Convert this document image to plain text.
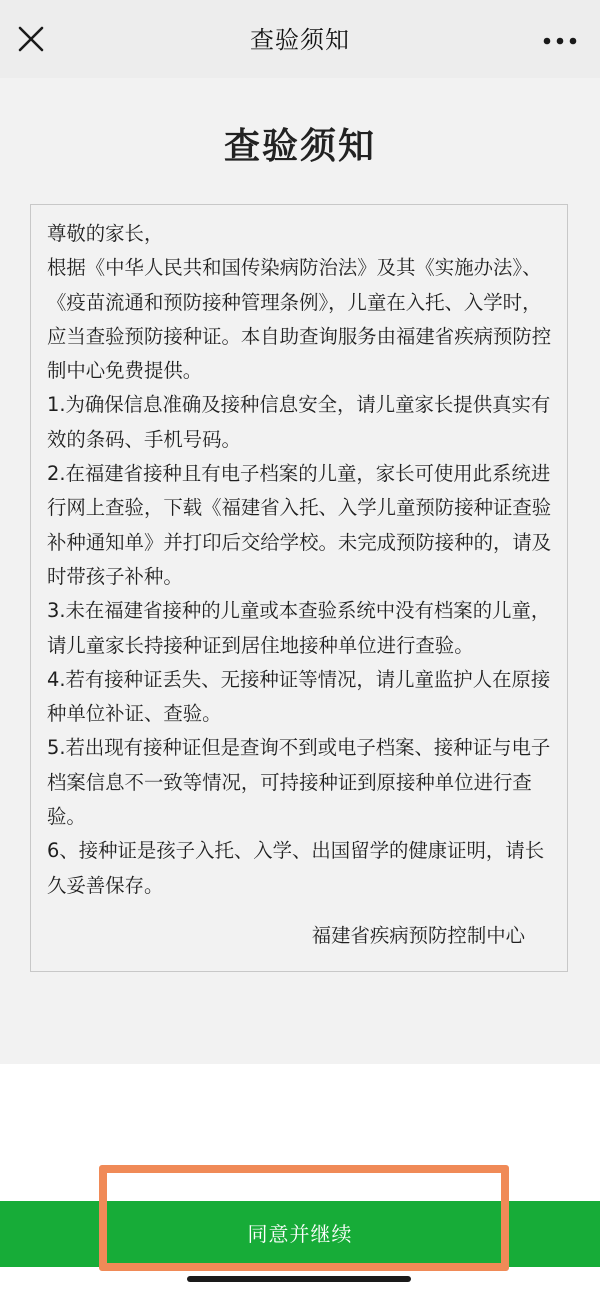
查验须知
查验须知

尊敬的家长，

根据《中华人民共和国传染病防治法》及其《实施办法》、《疫苗流通和预防接种管理条例》，儿童在入托、入学时，应当查验预防接种证。本自助查询服务由福建省疾病预防控制中心免费提供。

1.为确保信息准确及接种信息安全，请儿童家长提供真实有效的条码、手机号码。

2.在福建省接种且有电子档案的儿童，家长可使用此系统进行网上查验，下载《福建省入托、入学儿童预防接种证查验补种通知单》并打印后交给学校。未完成预防接种的，请及时带孩子补种。

3.未在福建省接种的儿童或本查验系统中没有档案的儿童，请儿童家长持接种证到居住地接种单位进行查验。

4.若有接种证丢失、无接种证等情况，请儿童监护人在原接种单位补证、查验。

5.若出现有接种证但是查询不到或电子档案、接种证与电子档案信息不一致等情况，可持接种证到原接种单位进行查验。

6、接种证是孩子入托、入学、出国留学的健康证明，请长久妥善保存。

福建省疾病预防控制中心
同意并继续
